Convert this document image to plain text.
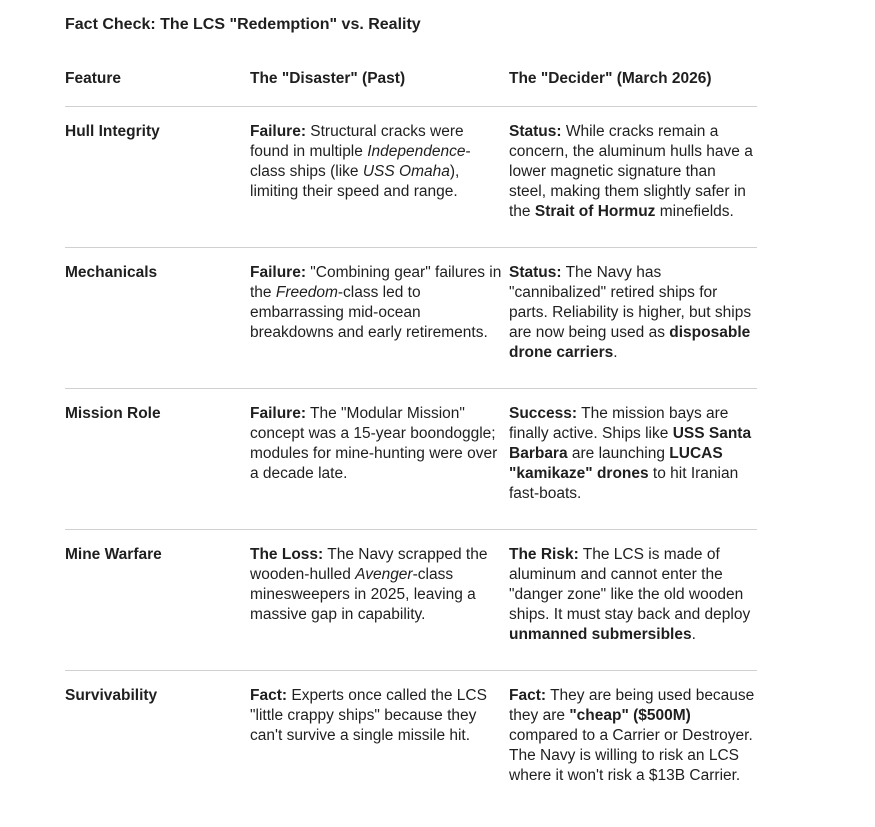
Fact Check: The LCS "Redemption" vs. Reality
Feature	The "Disaster" (Past)	The "Decider" (March 2026)
Hull Integrity	Failure: Structural cracks were found in multiple Independence-class ships (like USS Omaha), limiting their speed and range.	Status: While cracks remain a concern, the aluminum hulls have a lower magnetic signature than steel, making them slightly safer in the Strait of Hormuz minefields.
Mechanicals	Failure: "Combining gear" failures in the Freedom-class led to embarrassing mid-ocean breakdowns and early retirements.	Status: The Navy has "cannibalized" retired ships for parts. Reliability is higher, but ships are now being used as disposable drone carriers.
Mission Role	Failure: The "Modular Mission" concept was a 15-year boondoggle; modules for mine-hunting were over a decade late.	Success: The mission bays are finally active. Ships like USS Santa Barbara are launching LUCAS "kamikaze" drones to hit Iranian fast-boats.
Mine Warfare	The Loss: The Navy scrapped the wooden-hulled Avenger-class minesweepers in 2025, leaving a massive gap in capability.	The Risk: The LCS is made of aluminum and cannot enter the "danger zone" like the old wooden ships. It must stay back and deploy unmanned submersibles.
Survivability	Fact: Experts once called the LCS "little crappy ships" because they can't survive a single missile hit.	Fact: They are being used because they are "cheap" ($500M) compared to a Carrier or Destroyer. The Navy is willing to risk an LCS where it won't risk a $13B Carrier.
